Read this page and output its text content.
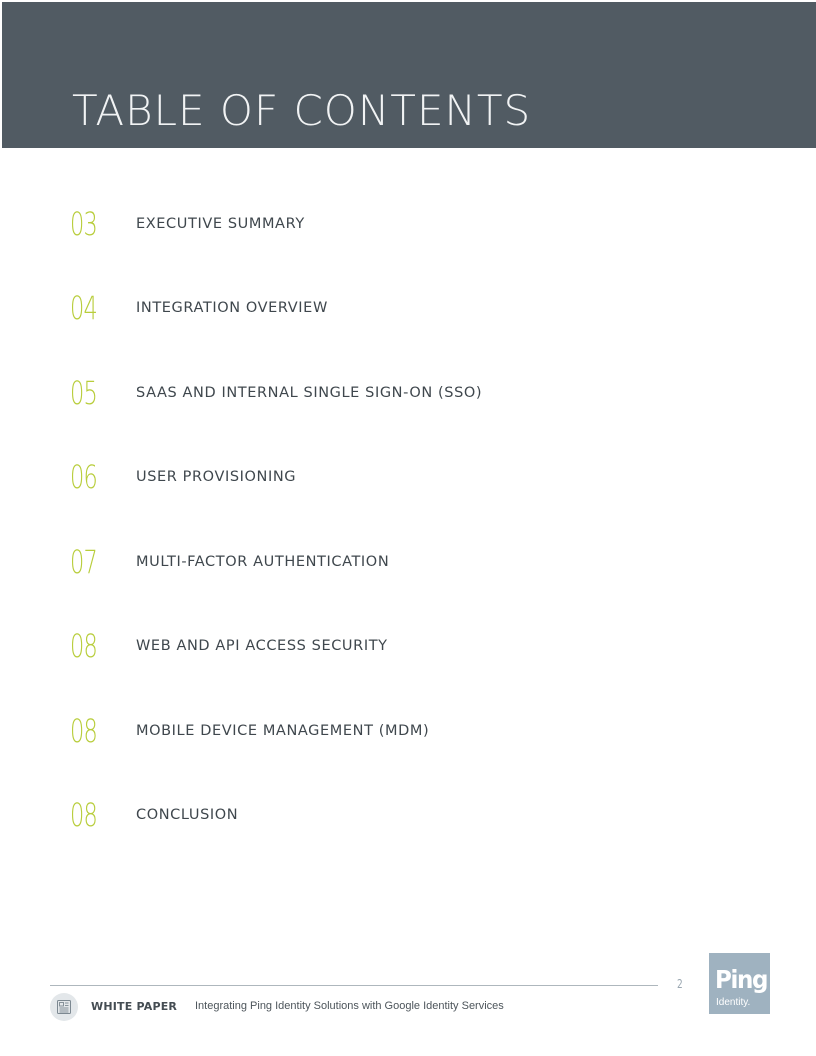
TABLE OF CONTENTS
03	EXECUTIVE SUMMARY
04	INTEGRATION OVERVIEW
05	SAAS AND INTERNAL SINGLE SIGN-ON (SSO)
06	USER PROVISIONING
07	MULTI-FACTOR AUTHENTICATION
08	WEB AND API ACCESS SECURITY
08	MOBILE DEVICE MANAGEMENT (MDM)
08	CONCLUSION
WHITE PAPER Integrating Ping Identity Solutions with Google Identity Services
2 Ping
Identity.
